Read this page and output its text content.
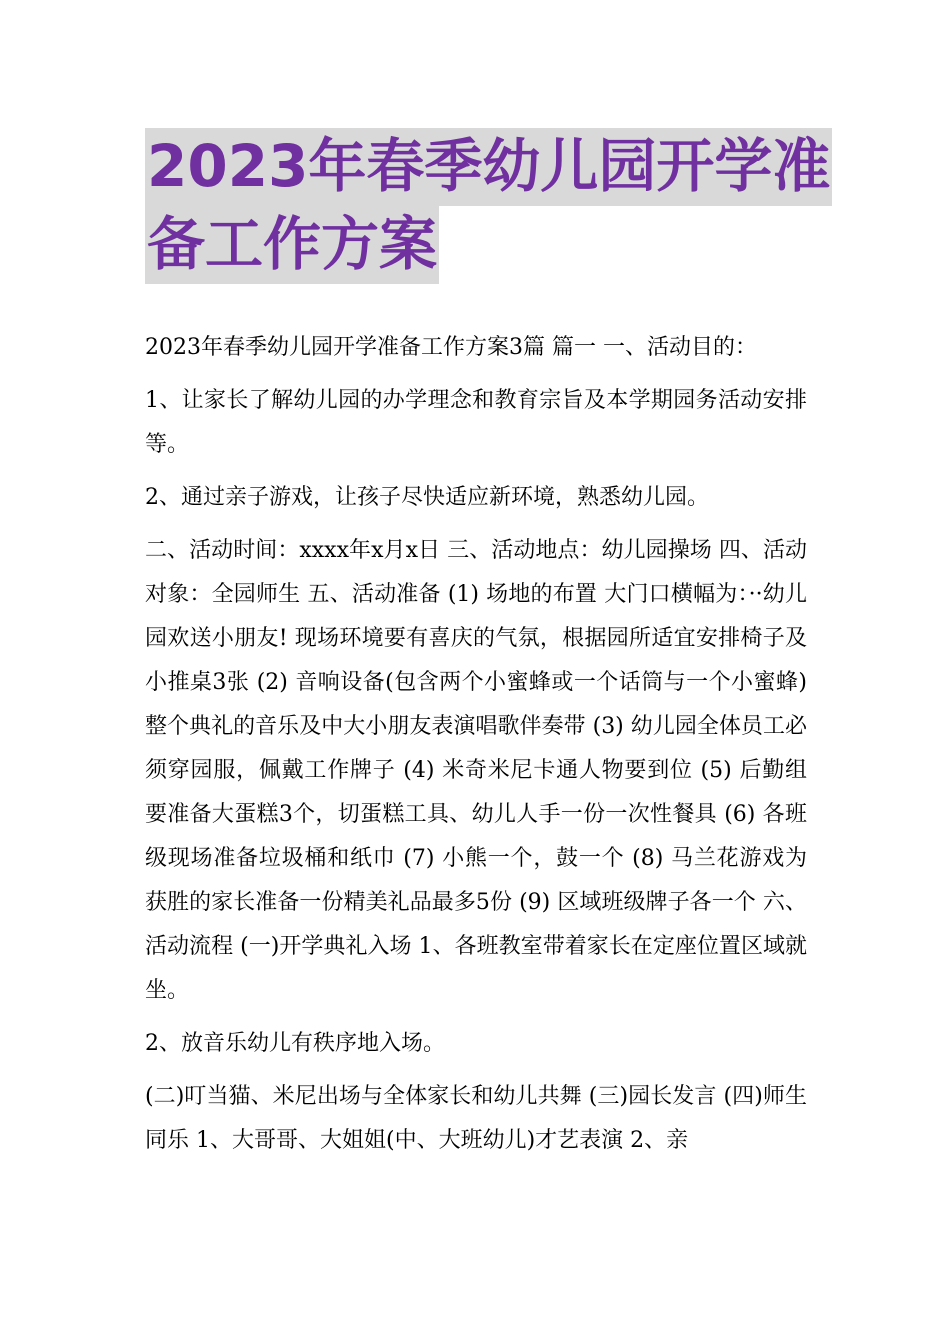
2023年春季幼儿园开学准
备工作方案

2023年春季幼儿园开学准备工作方案3篇 篇一 一、活动目的：

1、让家长了解幼儿园的办学理念和教育宗旨及本学期园务活动安排等。

2、通过亲子游戏，让孩子尽快适应新环境，熟悉幼儿园。

二、活动时间：xxxx年x月x日 三、活动地点：幼儿园操场 四、活动对象：全园师生 五、活动准备 (1) 场地的布置 大门口横幅为：··幼儿园欢送小朋友! 现场环境要有喜庆的气氛，根据园所适宜安排椅子及小推桌3张 (2) 音响设备(包含两个小蜜蜂或一个话筒与一个小蜜蜂) 整个典礼的音乐及中大小朋友表演唱歌伴奏带 (3) 幼儿园全体员工必须穿园服，佩戴工作牌子 (4) 米奇米尼卡通人物要到位 (5) 后勤组要准备大蛋糕3个，切蛋糕工具、幼儿人手一份一次性餐具 (6) 各班级现场准备垃圾桶和纸巾 (7) 小熊一个，鼓一个 (8) 马兰花游戏为获胜的家长准备一份精美礼品最多5份 (9) 区域班级牌子各一个 六、活动流程 (一)开学典礼入场 1、各班教室带着家长在定座位置区域就坐。

2、放音乐幼儿有秩序地入场。

(二)叮当猫、米尼出场与全体家长和幼儿共舞 (三)园长发言 (四)师生同乐 1、大哥哥、大姐姐(中、大班幼儿)才艺表演 2、亲
